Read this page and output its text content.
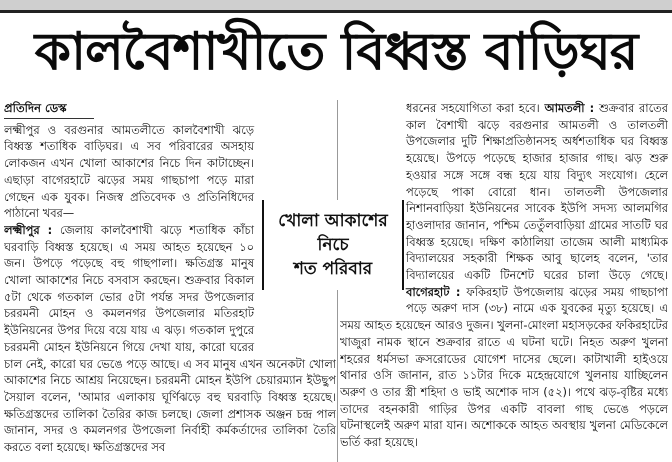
কালবৈশাখীতে বিধ্বস্ত বাড়িঘর
প্রতিদিন ডেস্ক

লক্ষ্মীপুর ও বরগুনার আমতলীতে কালবৈশাখী ঝড়ে বিধ্বস্ত শতাধিক বাড়িঘর। এ সব পরিবারের অসহায় লোকজন এখন খোলা আকাশের নিচে দিন কাটাচ্ছেন। এছাড়া বাগেরহাটে ঝড়ের সময় গাছচাপা পড়ে মারা গেছেন এক যুবক। নিজস্ব প্রতিবেদক ও প্রতিনিধিদের পাঠানো খবর—
লক্ষ্মীপুর : জেলায় কালবৈশাখী ঝড়ে শতাধিক কাঁচা ঘরবাড়ি বিধ্বস্ত হয়েছে। এ সময় আহত হয়েছেন ১০ জন। উপড়ে পড়েছে বহু গাছপালা। ক্ষতিগ্রস্ত মানুষ খোলা আকাশের নিচে বসবাস করছেন। শুক্রবার বিকাল ৫টা থেকে গতকাল ভোর ৫টা পর্যন্ত সদর উপজেলার চররমনী মোহন ও কমলনগর উপজেলার মতিরহাট ইউনিয়নের উপর দিয়ে বয়ে যায় এ ঝড়। গতকাল দুপুরে চররমনী মোহন ইউনিয়নে গিয়ে দেখা যায়, কারো ঘরের চাল নেই, কারো ঘর ভেঙে পড়ে আছে। এ সব মানুষ এখন অনেকটা খোলা আকাশের নিচে আশ্রয় নিয়েছেন। চররমনী মোহন ইউপি চেয়ারম্যান ইউছুপ সৈয়াল বলেন, 'আমার এলাকায় ঘূর্ণিঝড়ে বহু ঘরবাড়ি বিধ্বস্ত হয়েছে। ক্ষতিগ্রস্তদের তালিকা তৈরির কাজ চলছে। জেলা প্রশাসক অঞ্জন চন্দ্র পাল জানান, সদর ও কমলনগর উপজেলা নির্বাহী কর্মকর্তাদের তালিকা তৈরি করতে বলা হয়েছে। ক্ষতিগ্রস্তদের সব

ধরনের সহযোগিতা করা হবে। আমতলী : শুক্রবার রাতের কাল বৈশাখী ঝড়ে বরগুনার আমতলী ও তালতলী উপজেলার দুটি শিক্ষাপ্রতিষ্ঠানসহ অর্ধশতাধিক ঘর বিধ্বস্ত হয়েছে। উপড়ে পড়েছে হাজার হাজার গাছ। ঝড় শুরু হওয়ার সঙ্গে সঙ্গে বন্ধ হয়ে যায় বিদ্যুৎ সংযোগ। হেলে পড়েছে পাকা বোরো ধান। তালতলী উপজেলার নিশানবাড়িয়া ইউনিয়নের সাবেক ইউপি সদস্য আলমগির হাওলাদার জানান, পশ্চিম তেতুঁলবাড়িয়া গ্রামের সাতটি ঘর বিধ্বস্ত হয়েছে। দক্ষিণ কাঠালিয়া তাজেম আলী মাধ্যমিক বিদ্যালয়ের সহকারী শিক্ষক আবু ছালেহ বলেন, 'তার বিদ্যালয়ের একটি টিনশেট ঘরের চালা উড়ে গেছে। বাগেরহাট : ফকিরহাট উপজেলায় ঝড়ের সময় গাছচাপা পড়ে অরুণ দাস (৩৮) নামে এক যুবকের মৃত্যু হয়েছে। এ সময় আহত হয়েছেন আরও দুজন। খুলনা-মোংলা মহাসড়কের ফকিরহাটের খাজুরা নামক স্থানে শুক্রবার রাতে এ ঘটনা ঘটে। নিহত অরুণ খুলনা শহরের ধর্মসভা ক্রসরোডের যোগেশ দাসের ছেলে। কাটাখালী হাইওয়ে থানার ওসি জানান, রাত ১১টার দিকে মহেন্দ্রযোগে খুলনায় যাচ্ছিলেন অরুণ ও তার স্ত্রী শহিদা ও ভাই অশোক দাস (৫২)। পথে ঝড়-বৃষ্টির মধ্যে তাদের বহনকারী গাড়ির উপর একটি বাবলা গাছ ভেঙে পড়লে ঘটনাস্থলেই অরুণ মারা যান। অশোককে আহত অবস্থায় খুলনা মেডিকেলে ভর্তি করা হয়েছে।

খোলা আকাশের নিচে
শত পরিবার
